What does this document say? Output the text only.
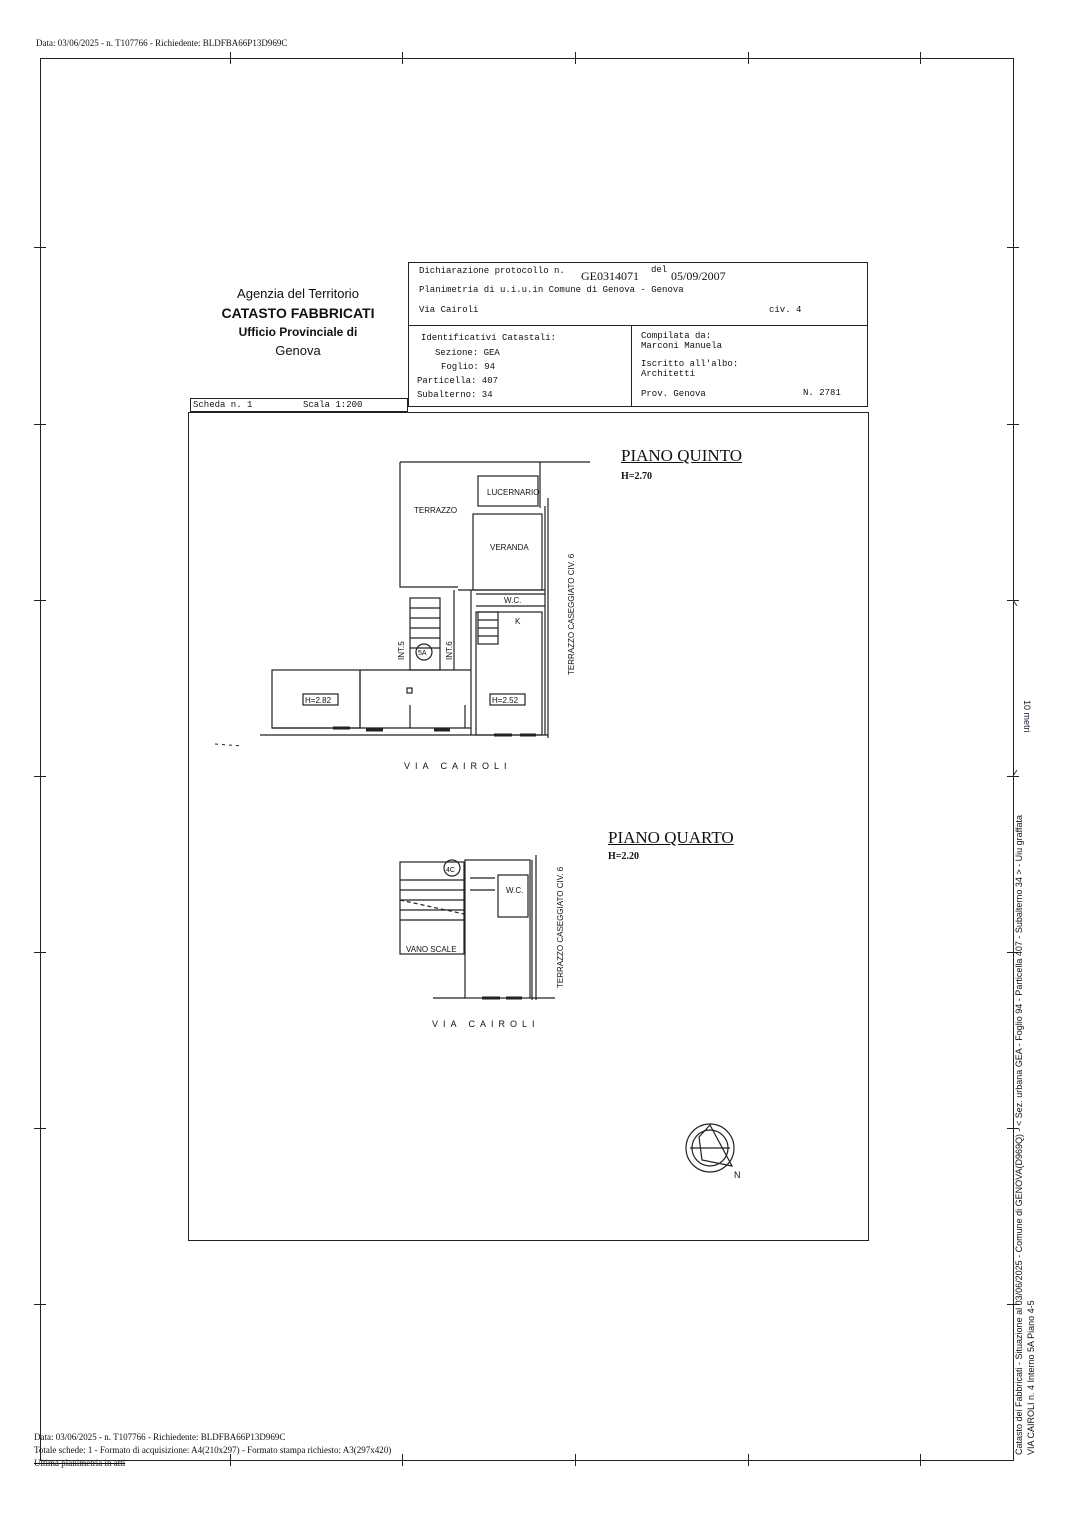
Data: 03/06/2025 - n. T107766 - Richiedente: BLDFBA66P13D969C
Agenzia del Territorio
CATASTO FABBRICATI
Ufficio Provinciale di
Genova
Dichiarazione protocollo n. GE0314071 del 05/09/2007
Planimetria di u.i.u.in Comune di Genova - Genova
Via Cairoli	civ. 4
Identificativi Catastali:
Sezione: GEA
Foglio: 94
Particella: 407
Subalterno: 34
Compilata da:
Marconi Manuela
Iscritto all'albo:
Architetti
Prov. Genova	N. 2781
Scheda n. 1	Scala 1:200
PIANO QUINTO
H=2.70
PIANO QUARTO
H=2.20
LUCERNARIO
TERRAZZO
VERANDA
W.C.
K
H=2.82	H=2.52
INT.5	INT.6
5A	TERRAZZO CASEGGIATO CIV. 6
VIA CAIROLI
4C
W.C.
VANO SCALE	TERRAZZO CASEGGIATO CIV. 6
VIA CAIROLI
N
10 metri
Catasto dei Fabbricati - Situazione al 03/06/2025 - Comune di GENOVA(D969Q) - < Sez. urbana GEA - Foglio 94 - Particella 407 - Subalterno 34 > - Uiu graffata VIA CAIROLI n. 4 Interno 5A Piano 4-5
Data: 03/06/2025 - n. T107766 - Richiedente: BLDFBA66P13D969C
Totale schede: 1 - Formato di acquisizione: A4(210x297) - Formato stampa richiesto: A3(297x420)
Ultima planimetria in atti
